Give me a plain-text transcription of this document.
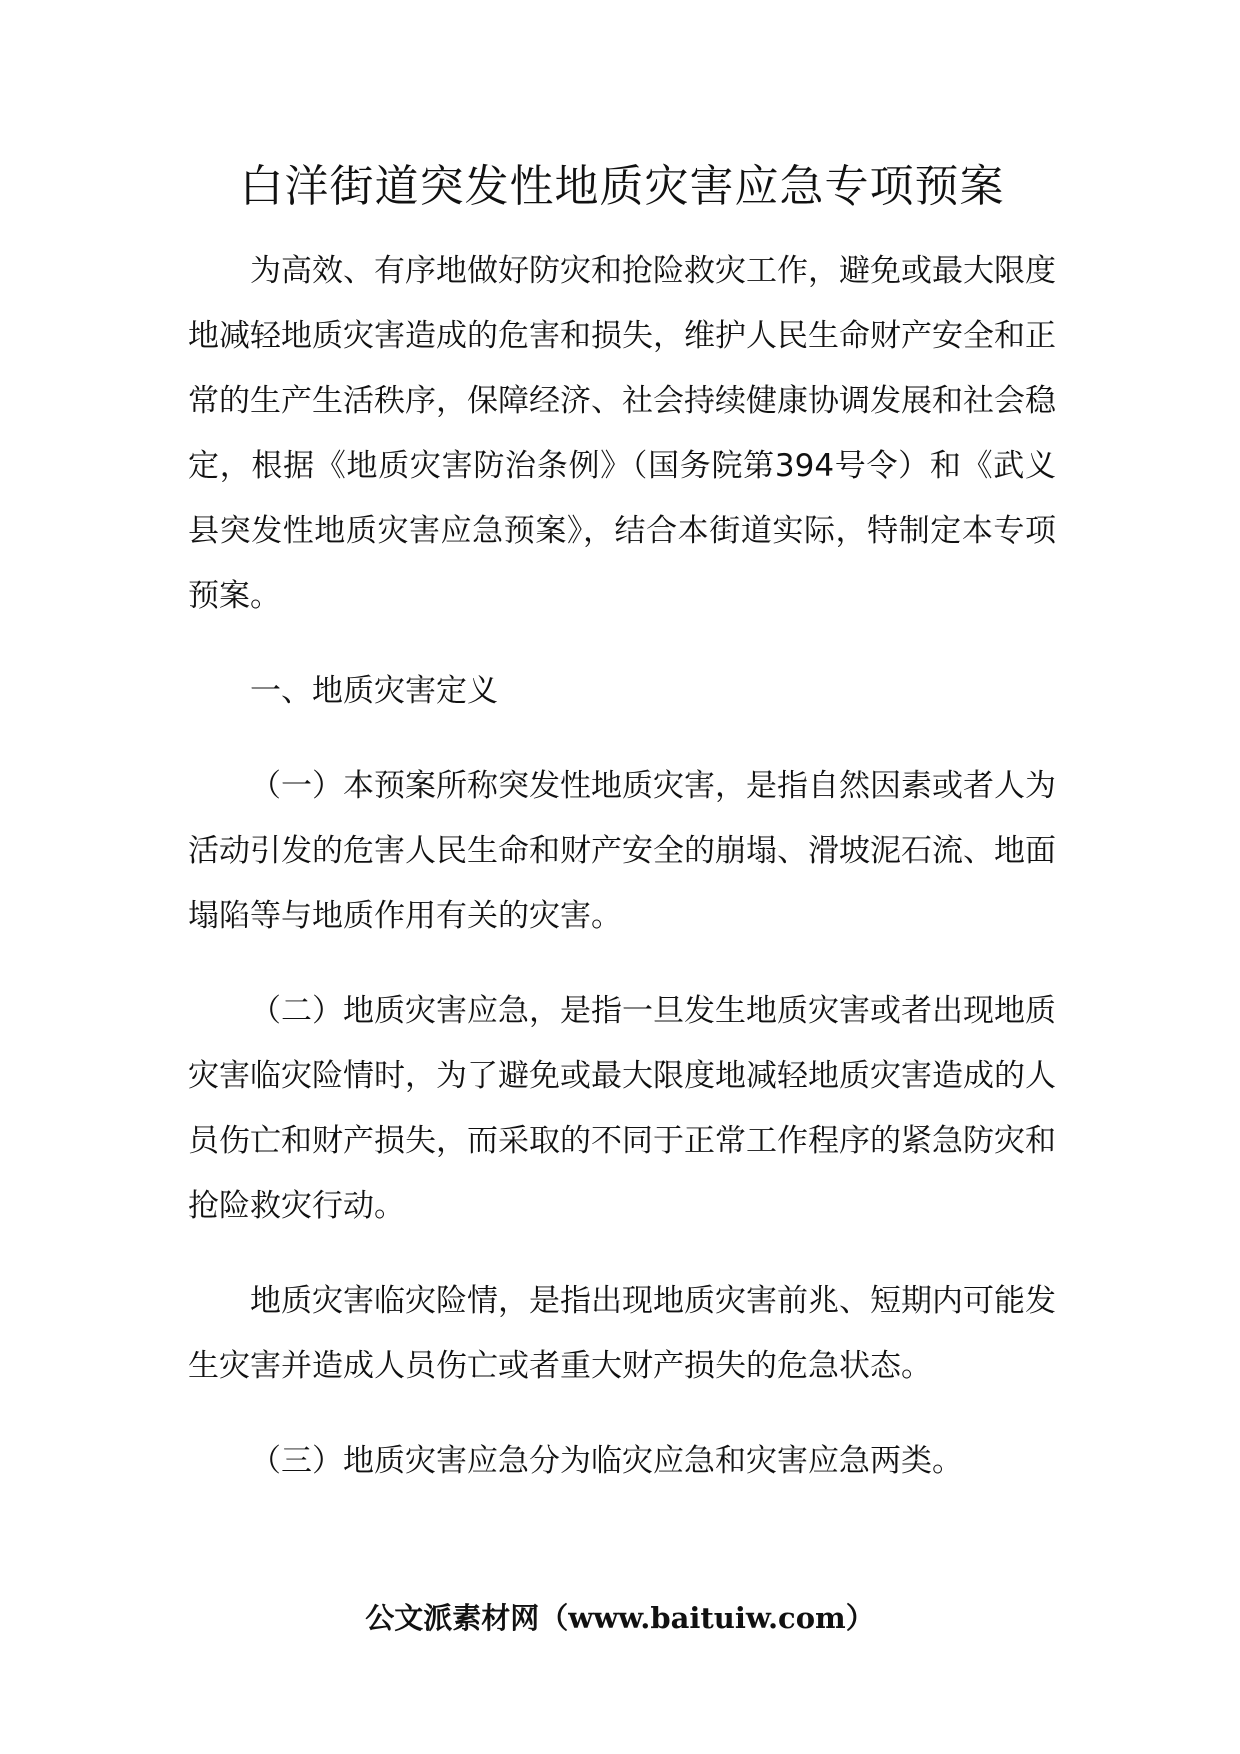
白洋街道突发性地质灾害应急专项预案

为高效、有序地做好防灾和抢险救灾工作，避免或最大限度地减轻地质灾害造成的危害和损失，维护人民生命财产安全和正常的生产生活秩序，保障经济、社会持续健康协调发展和社会稳定，根据《地质灾害防治条例》（国务院第394号令）和《武义县突发性地质灾害应急预案》，结合本街道实际，特制定本专项预案。

一、地质灾害定义

（一）本预案所称突发性地质灾害，是指自然因素或者人为活动引发的危害人民生命和财产安全的崩塌、滑坡泥石流、地面塌陷等与地质作用有关的灾害。

（二）地质灾害应急，是指一旦发生地质灾害或者出现地质灾害临灾险情时，为了避免或最大限度地减轻地质灾害造成的人员伤亡和财产损失，而采取的不同于正常工作程序的紧急防灾和抢险救灾行动。

地质灾害临灾险情，是指出现地质灾害前兆、短期内可能发生灾害并造成人员伤亡或者重大财产损失的危急状态。

（三）地质灾害应急分为临灾应急和灾害应急两类。

公文派素材网（www.baituiw.com）
